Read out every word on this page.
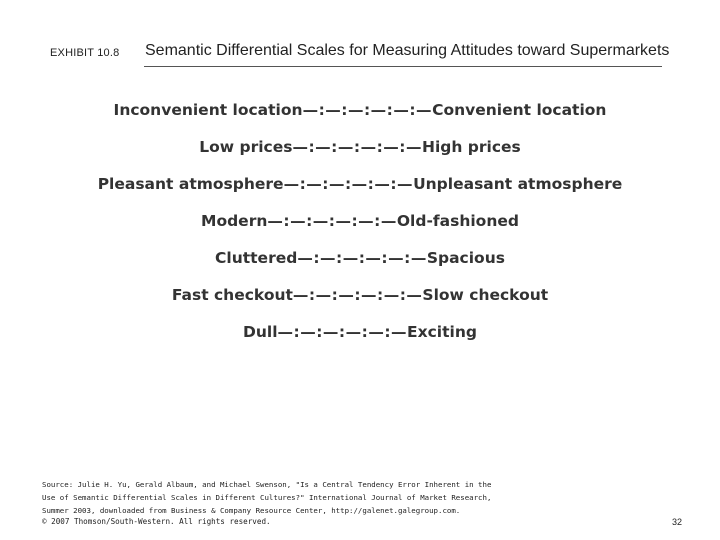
EXHIBIT 10.8 Semantic Differential Scales for Measuring Attitudes toward Supermarkets
Inconvenient location —:—:—:—:—:— Convenient location
Low prices —:—:—:—:—:— High prices
Pleasant atmosphere —:—:—:—:—:— Unpleasant atmosphere
Modern —:—:—:—:—:— Old-fashioned
Cluttered —:—:—:—:—:— Spacious
Fast checkout —:—:—:—:—:— Slow checkout
Dull —:—:—:—:—:— Exciting
Source: Julie H. Yu, Gerald Albaum, and Michael Swenson, "Is a Central Tendency Error Inherent in the
Use of Semantic Differential Scales in Different Cultures?" International Journal of Market Research,
Summer 2003, downloaded from Business & Company Resource Center, http://galenet.galegroup.com.
© 2007 Thomson/South-Western. All rights reserved.	32
